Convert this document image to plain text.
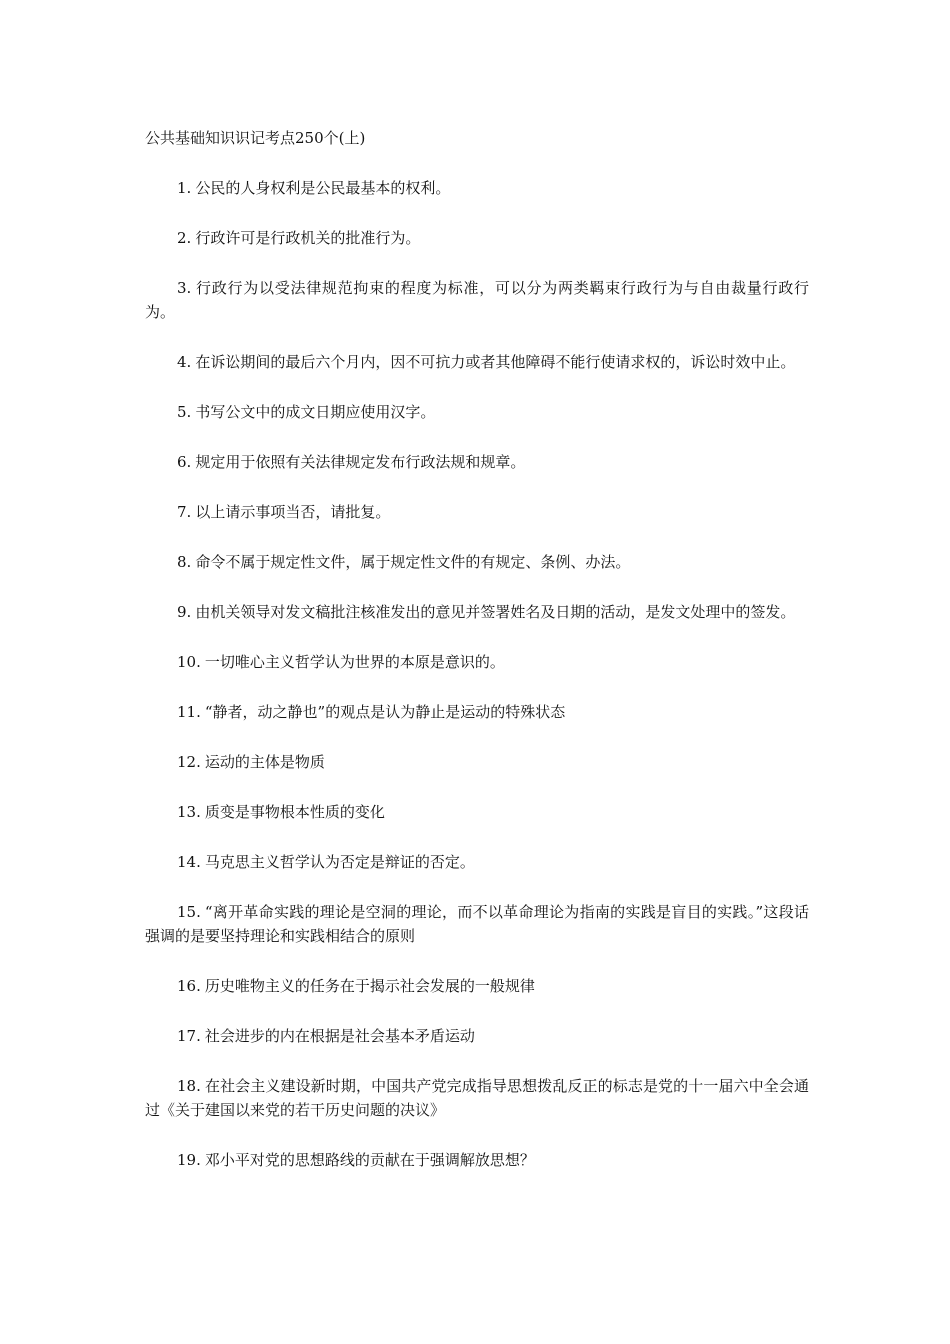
公共基础知识识记考点250个(上)
1. 公民的人身权利是公民最基本的权利。
2. 行政许可是行政机关的批准行为。
3. 行政行为以受法律规范拘束的程度为标准，可以分为两类羁束行政行为与自由裁量行政行为。
4. 在诉讼期间的最后六个月内，因不可抗力或者其他障碍不能行使请求权的，诉讼时效中止。
5. 书写公文中的成文日期应使用汉字。
6. 规定用于依照有关法律规定发布行政法规和规章。
7. 以上请示事项当否，请批复。
8. 命令不属于规定性文件，属于规定性文件的有规定、条例、办法。
9. 由机关领导对发文稿批注核准发出的意见并签署姓名及日期的活动，是发文处理中的签发。
10. 一切唯心主义哲学认为世界的本原是意识的。
11. “静者，动之静也”的观点是认为静止是运动的特殊状态
12. 运动的主体是物质
13. 质变是事物根本性质的变化
14. 马克思主义哲学认为否定是辩证的否定。
15. “离开革命实践的理论是空洞的理论，而不以革命理论为指南的实践是盲目的实践。”这段话强调的是要坚持理论和实践相结合的原则
16. 历史唯物主义的任务在于揭示社会发展的一般规律
17. 社会进步的内在根据是社会基本矛盾运动
18. 在社会主义建设新时期，中国共产党完成指导思想拨乱反正的标志是党的十一届六中全会通过《关于建国以来党的若干历史问题的决议》
19. 邓小平对党的思想路线的贡献在于强调解放思想？
